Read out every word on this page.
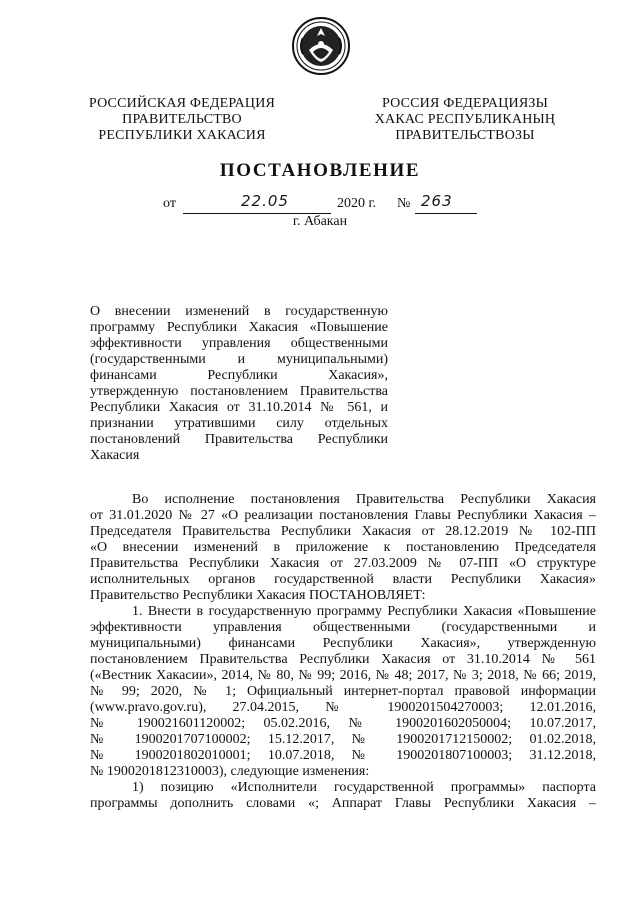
РОССИЙСКАЯ ФЕДЕРАЦИЯ
ПРАВИТЕЛЬСТВО
РЕСПУБЛИКИ ХАКАСИЯ
РОССИЯ ФЕДЕРАЦИЯЗЫ
ХАКАС РЕСПУБЛИКАНЫҢ
ПРАВИТЕЛЬСТВОЗЫ
ПОСТАНОВЛЕНИЕ
от	22.05	2020 г. № 263
г. Абакан
О внесении изменений в государственную
программу Республики Хакасия «Повышение
эффективности управления общественными
(государственными и муниципальными)
финансами Республики Хакасия»,
утвержденную постановлением Правительства
Республики Хакасия от 31.10.2014 № 561, и
признании утратившими силу отдельных
постановлений Правительства Республики
Хакасия
Во исполнение постановления Правительства Республики Хакасия
от 31.01.2020 № 27 «О реализации постановления Главы Республики Хакасия –
Председателя Правительства Республики Хакасия от 28.12.2019 № 102-ПП
«О внесении изменений в приложение к постановлению Председателя
Правительства Республики Хакасия от 27.03.2009 № 07-ПП «О структуре
исполнительных органов государственной власти Республики Хакасия»
Правительство Республики Хакасия ПОСТАНОВЛЯЕТ:
1. Внести в государственную программу Республики Хакасия «Повышение
эффективности управления общественными (государственными и
муниципальными) финансами Республики Хакасия», утвержденную
постановлением Правительства Республики Хакасия от 31.10.2014 № 561
(«Вестник Хакасии», 2014, № 80, № 99; 2016, № 48; 2017, № 3; 2018, № 66; 2019,
№ 99; 2020, № 1; Официальный интернет-портал правовой информации
(www.pravo.gov.ru), 27.04.2015, № 1900201504270003; 12.01.2016,
№ 190021601120002; 05.02.2016, № 1900201602050004; 10.07.2017,
№ 1900201707100002; 15.12.2017, № 1900201712150002; 01.02.2018,
№ 1900201802010001; 10.07.2018, № 1900201807100003; 31.12.2018,
№ 1900201812310003), следующие изменения:
1) позицию «Исполнители государственной программы» паспорта
программы дополнить словами «; Аппарат Главы Республики Хакасия –
